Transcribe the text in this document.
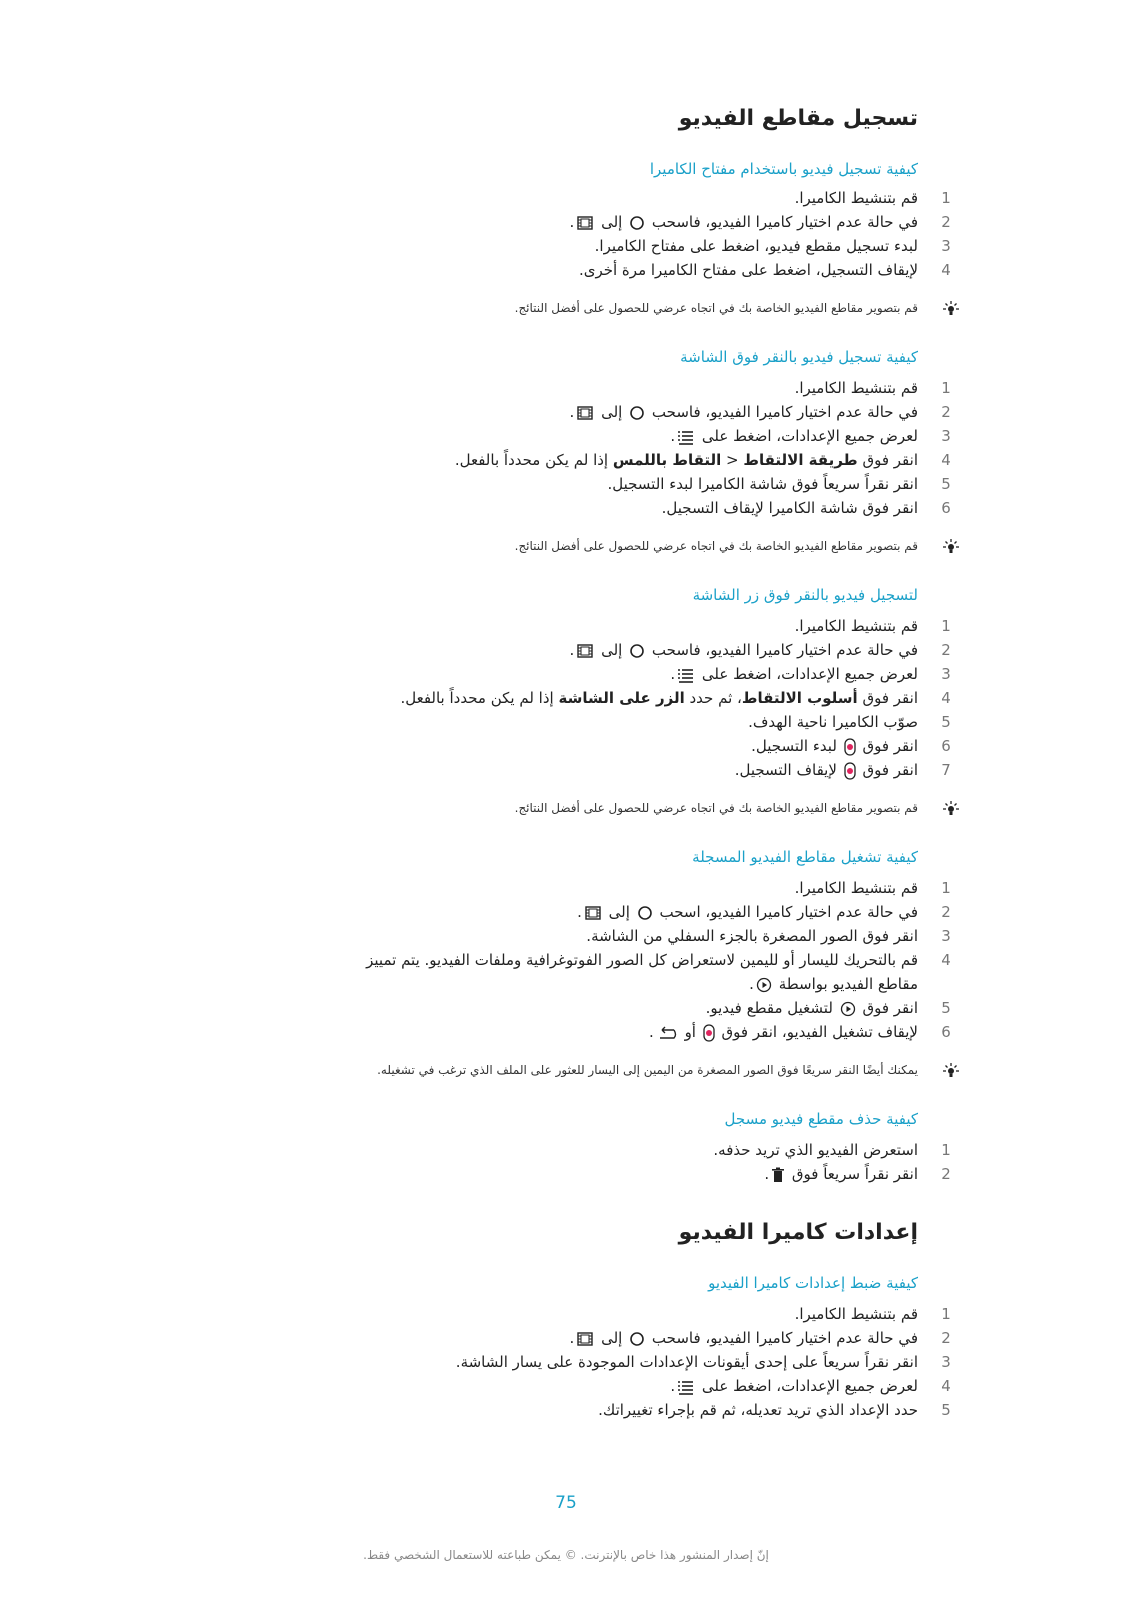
تسجيل مقاطع الفيديو
كيفية تسجيل فيديو باستخدام مفتاح الكاميرا

1
قم بتنشيط الكاميرا.

2
في حالة عدم اختيار كاميرا الفيديو، فاسحب  إلى .

3
لبدء تسجيل مقطع فيديو، اضغط على مفتاح الكاميرا.

4
لإيقاف التسجيل، اضغط على مفتاح الكاميرا مرة أخرى.

قم بتصوير مقاطع الفيديو الخاصة بك في اتجاه عرضي للحصول على أفضل النتائج.

كيفية تسجيل فيديو بالنقر فوق الشاشة

1
قم بتنشيط الكاميرا.

2
في حالة عدم اختيار كاميرا الفيديو، فاسحب  إلى .

3
لعرض جميع الإعدادات، اضغط على .

4
انقر فوق طريقة الالتقاط < التقاط باللمس إذا لم يكن محدداً بالفعل.

5
انقر نقراً سريعاً فوق شاشة الكاميرا لبدء التسجيل.

6
انقر فوق شاشة الكاميرا لإيقاف التسجيل.

قم بتصوير مقاطع الفيديو الخاصة بك في اتجاه عرضي للحصول على أفضل النتائج.

لتسجيل فيديو بالنقر فوق زر الشاشة

1
قم بتنشيط الكاميرا.

2
في حالة عدم اختيار كاميرا الفيديو، فاسحب  إلى .

3
لعرض جميع الإعدادات، اضغط على .

4
انقر فوق أسلوب الالتقاط، ثم حدد الزر على الشاشة إذا لم يكن محدداً بالفعل.

5
صوّب الكاميرا ناحية الهدف.

6
انقر فوق  لبدء التسجيل.

7
انقر فوق  لإيقاف التسجيل.

قم بتصوير مقاطع الفيديو الخاصة بك في اتجاه عرضي للحصول على أفضل النتائج.

كيفية تشغيل مقاطع الفيديو المسجلة

1
قم بتنشيط الكاميرا.

2
في حالة عدم اختيار كاميرا الفيديو، اسحب  إلى .

3
انقر فوق الصور المصغرة بالجزء السفلي من الشاشة.

4
قم بالتحريك لليسار أو لليمين لاستعراض كل الصور الفوتوغرافية وملفات الفيديو. يتم تمييز
مقاطع الفيديو بواسطة .

5
انقر فوق  لتشغيل مقطع فيديو.

6
لإيقاف تشغيل الفيديو، انقر فوق  أو .

يمكنك أيضًا النقر سريعًا فوق الصور المصغرة من اليمين إلى اليسار للعثور على الملف الذي ترغب في تشغيله.

كيفية حذف مقطع فيديو مسجل

1
استعرض الفيديو الذي تريد حذفه.

2
انقر نقراً سريعاً فوق .

إعدادات كاميرا الفيديو
كيفية ضبط إعدادات كاميرا الفيديو

1
قم بتنشيط الكاميرا.

2
في حالة عدم اختيار كاميرا الفيديو، فاسحب  إلى .

3
انقر نقراً سريعاً على إحدى أيقونات الإعدادات الموجودة على يسار الشاشة.

4
لعرض جميع الإعدادات، اضغط على .

5
حدد الإعداد الذي تريد تعديله، ثم قم بإجراء تغييراتك.

75
إنّ إصدار المنشور هذا خاص بالإنترنت. © يمكن طباعته للاستعمال الشخصي فقط.
